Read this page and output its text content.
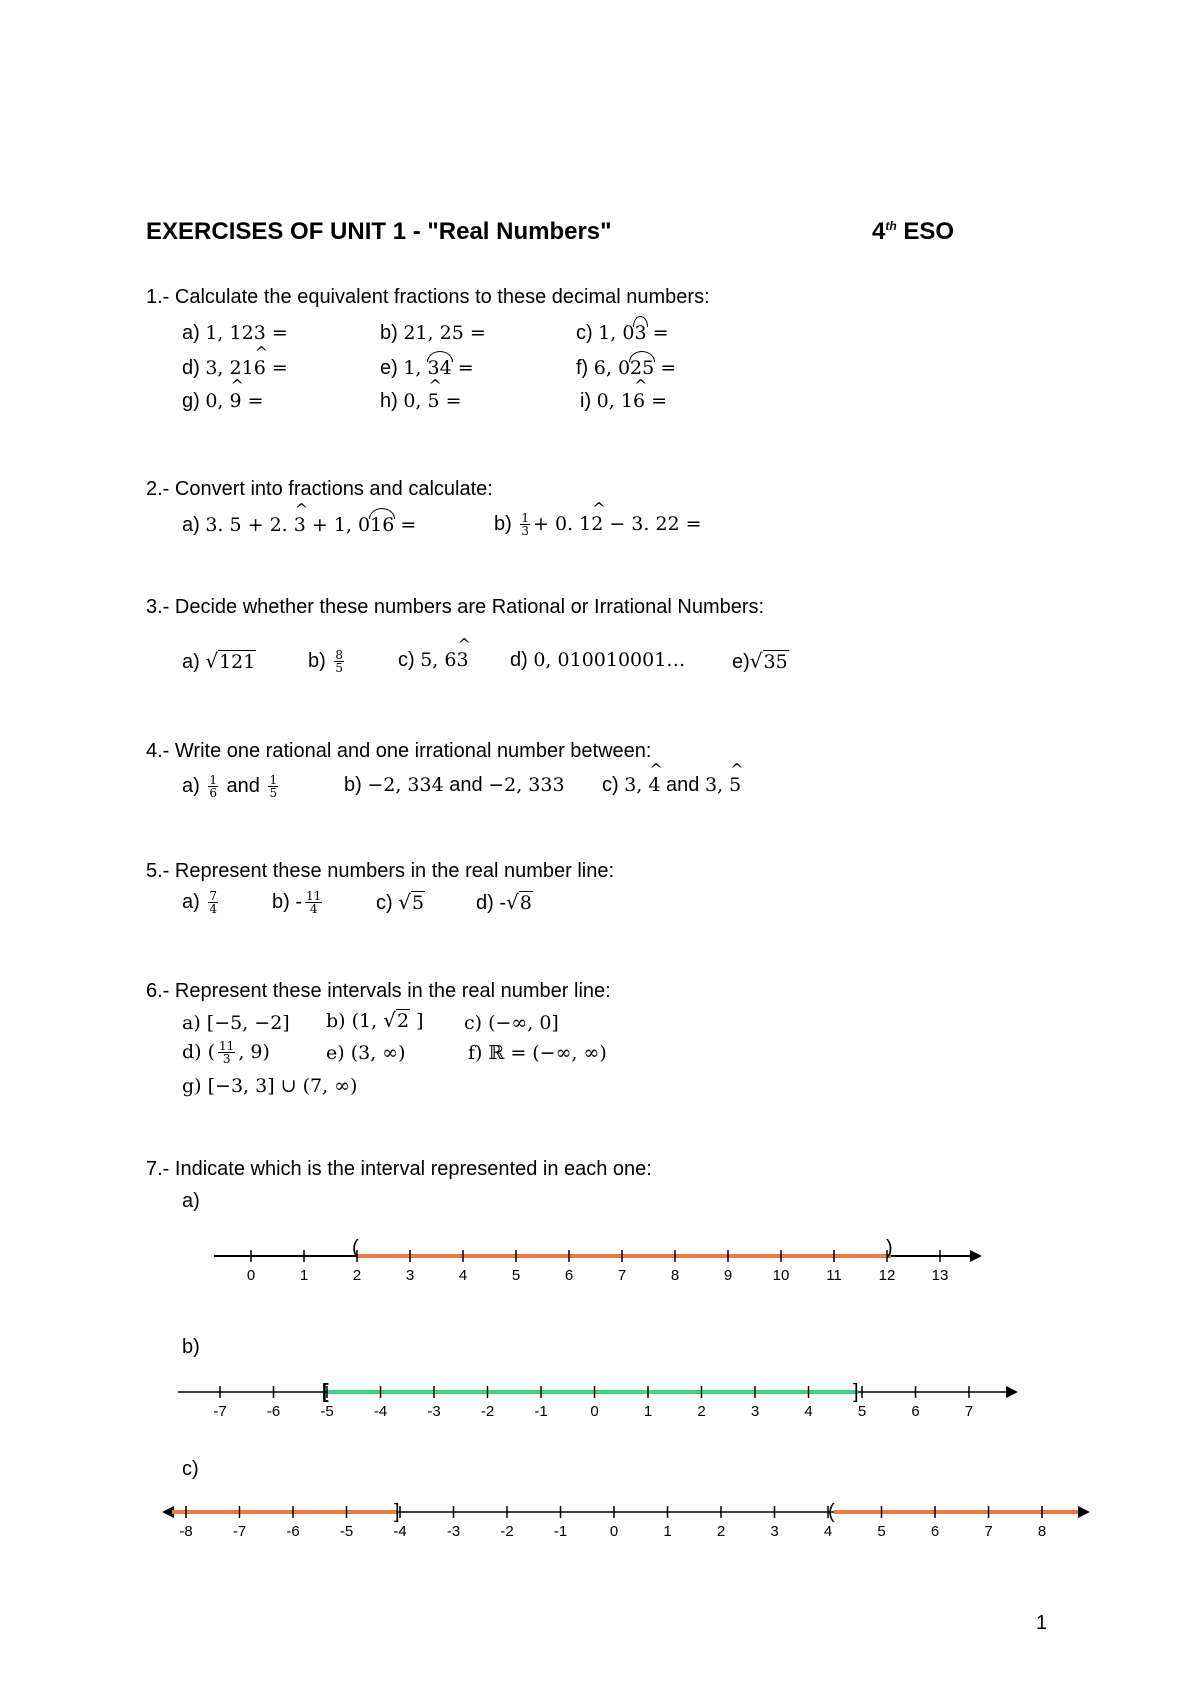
EXERCISES OF UNIT 1 - "Real Numbers"	4th ESO
1.- Calculate the equivalent fractions to these decimal numbers:
a) 1, 123 =	b) 21, 25 =	c) 1, 03 =
d) 3, 21^ 6 =	e) 1, 34 =	f) 6, 025 =
g) 0, ^ 9 =	h) 0, ^ 5 =	i) 0, 1^ 6 =
2.- Convert into fractions and calculate:
a) 3. 5 + 2. ^ 3 + 1, 016 =	$b) \frac{1}{3} + 0$. 1^ 2 − 3. 22 =
3.- Decide whether these numbers are Rational or Irrational Numbers:
a) √121	$b) \frac{8}{5}$	c) 5, 6^ 3 d) 0, 010010001… e)√35
4.- Write one rational and one irrational number between:
$a) \frac{1}{6}$ and $\frac{1}{5}$	b) −2, 334 and −2, 333 c) 3, ^ 4 and 3, ^ 5
5.- Represent these numbers in the real number line:
$a) \frac{7}{4}$	$b) - \frac{11}{4}$	c) √5	d) -√8
6.- Represent these intervals in the real number line:
a) [−5, −2] b) (1, √2 ] c) (−∞, 0]
d) ( $\frac{11}{3}$ , 9)	e) (3, ∞)	f) ℝ = (−∞, ∞)
g) [−3, 3] ∪ (7, ∞)
7.- Indicate which is the interval represented in each one:
a)
b)
c)
0	1	2	3	4	5	6	7	8	9	10 11 12 13
(	)
-7	-6	-5	-4	-3	-2	-1	0	1	2	3	4	5	6	7
[	]
-8	-7	-6	-5	-4	-3	-2	-1	0	1	2	3	4	5	6	7	8
]	(
1
